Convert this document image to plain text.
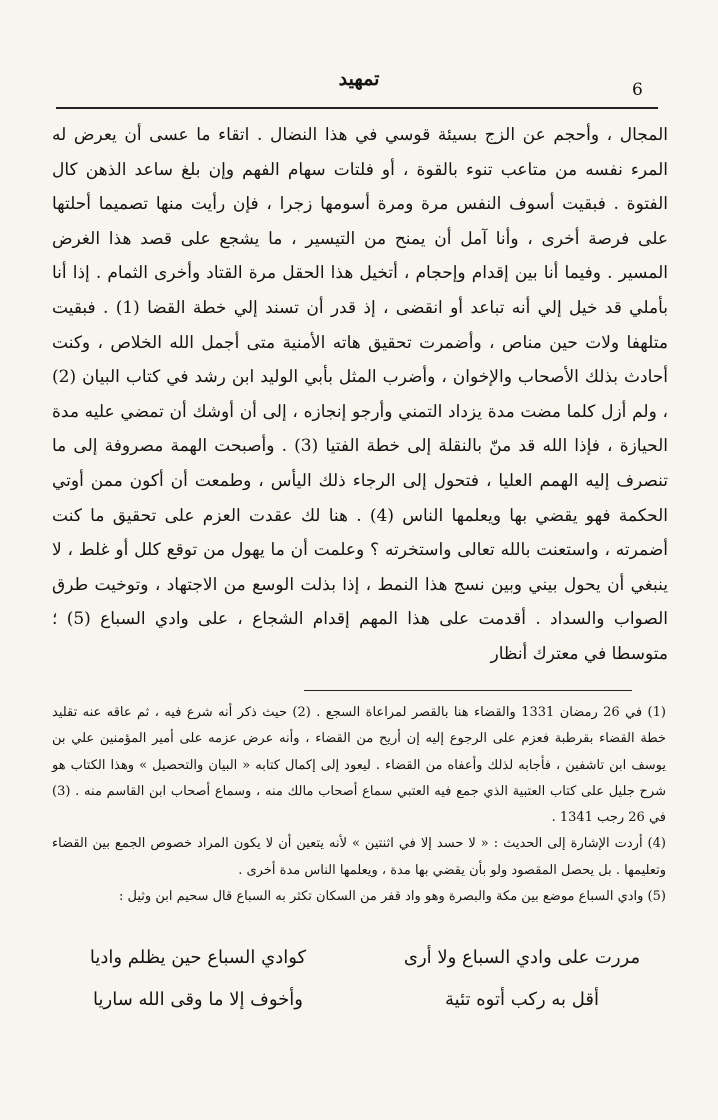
تمهيد	6

المجال ، وأحجم عن الزج بسيئة قوسي في هذا النضال . اتقاء ما عسى أن يعرض له المرء نفسه من متاعب تنوء بالقوة ، أو فلتات سهام الفهم وإن بلغ ساعد الذهن كال الفتوة . فبقيت أسوف النفس مرة ومرة أسومها زجرا ، فإن رأيت منها تصميما أحلتها على فرصة أخرى ، وأنا آمل أن يمنح من التيسير ، ما يشجع على قصد هذا الغرض المسير . وفيما أنا بين إقدام وإحجام ، أتخيل هذا الحقل مرة القتاد وأخرى الثمام . إذا أنا بأملي قد خيل إلي أنه تباعد أو انقضى ، إذ قدر أن تسند إلي خطة القضا (1) . فبقيت متلهفا ولات حين مناص ، وأضمرت تحقيق هاته الأمنية متى أجمل الله الخلاص ، وكنت أحادث بذلك الأصحاب والإخوان ، وأضرب المثل بأبي الوليد ابن رشد في كتاب البيان (2) ، ولم أزل كلما مضت مدة يزداد التمني وأرجو إنجازه ، إلى أن أوشك أن تمضي عليه مدة الحيازة ، فإذا الله قد منّ بالنقلة إلى خطة الفتيا (3) . وأصبحت الهمة مصروفة إلى ما تنصرف إليه الهمم العليا ، فتحول إلى الرجاء ذلك اليأس ، وطمعت أن أكون ممن أوتي الحكمة فهو يقضي بها ويعلمها الناس (4) . هنا لك عقدت العزم على تحقيق ما كنت أضمرته ، واستعنت بالله تعالى واستخرته ؟ وعلمت أن ما يهول من توقع كلل أو غلط ، لا ينبغي أن يحول بيني وبين نسج هذا النمط ، إذا بذلت الوسع من الاجتهاد ، وتوخيت طرق الصواب والسداد . أقدمت على هذا المهم إقدام الشجاع ، على وادي السباع (5) ؛ متوسطا في معترك أنظار

(1) في 26 رمضان 1331 والقضاء هنا بالقصر لمراعاة السجع . (2) حيث ذكر أنه شرع فيه ، ثم عاقه عنه تقليد خطة القضاء بقرطبة فعزم على الرجوع إليه إن أريح من القضاء ، وأنه عرض عزمه على أمير المؤمنين علي بن يوسف ابن تاشفين ، فأجابه لذلك وأعفاه من القضاء . ليعود إلى إكمال كتابه « البيان والتحصيل » وهذا الكتاب هو شرح جليل على كتاب العتبية الذي جمع فيه العتبي سماع أصحاب مالك منه ، وسماع أصحاب ابن القاسم منه . (3) في 26 رجب 1341 .

(4) أردت الإشارة إلى الحديث : « لا حسد إلا في اثنتين » لأنه يتعين أن لا يكون المراد خصوص الجمع بين القضاء وتعليمها . بل يحصل المقصود ولو بأن يقضي بها مدة ، ويعلمها الناس مدة أخرى .

(5) وادي السباع موضع بين مكة والبصرة وهو واد قفر من السكان تكثر به السباع قال سحيم ابن وثيل :

مررت على وادي السباع ولا أرى
كوادي السباع حين يظلم واديا
أقل به ركب أتوه تئية
وأخوف إلا ما وقى الله ساريا
